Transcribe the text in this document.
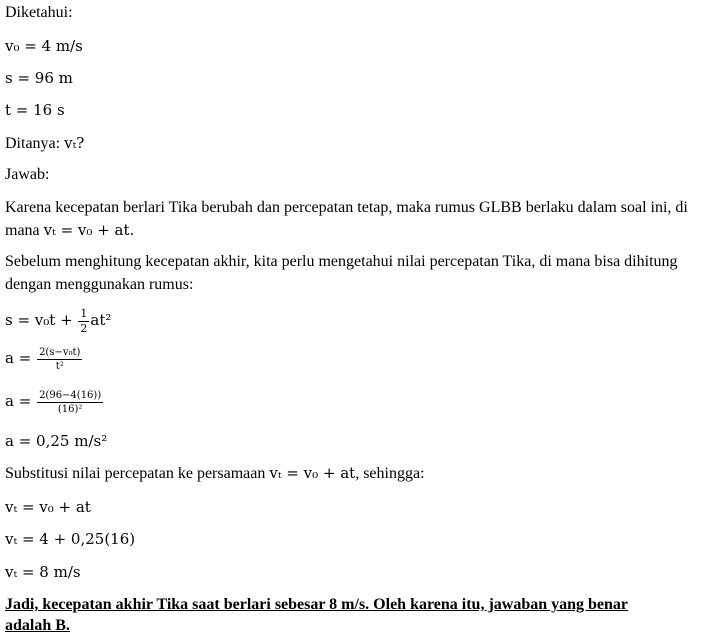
Diketahui:
v₀ = 4 m/s
s = 96 m
t = 16 s
Ditanya: vₜ?
Jawab:
Karena kecepatan berlari Tika berubah dan percepatan tetap, maka rumus GLBB berlaku dalam soal ini, di mana vₜ = v₀ + at.
Sebelum menghitung kecepatan akhir, kita perlu mengetahui nilai percepatan Tika, di mana bisa dihitung dengan menggunakan rumus:
$s = v_0t + \frac{1}{2} at^2$
$a = \frac{\text{2(s−v₀t)}}{\text{t²}}$
$a = \frac{2(96-4(16))}{\text{(16)²}}$
a = 0,25 m/s²
Substitusi nilai percepatan ke persamaan vₜ = v₀ + at, sehingga:
vₜ = v₀ + at
vₜ = 4 + 0,25(16)
vₜ = 8 m/s
Jadi, kecepatan akhir Tika saat berlari sebesar 8 m/s. Oleh karena itu, jawaban yang benar adalah B.
